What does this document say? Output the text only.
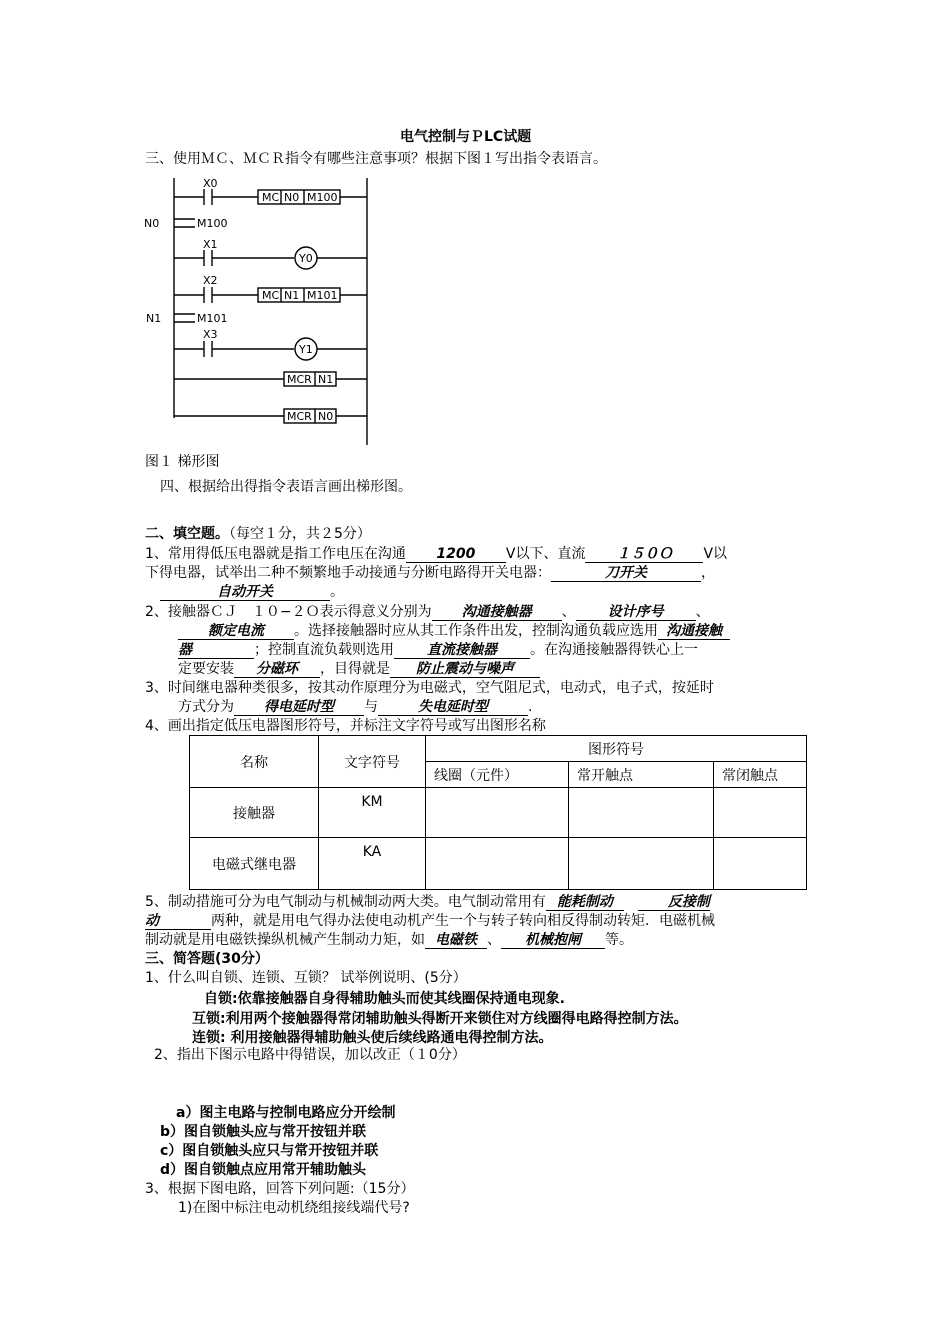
电气控制与ＰLC试题
三、使用ＭＣ、ＭＣＲ指令有哪些注意事项？根据下图１写出指令表语言。
X0
MC N0 M100
N0	M100
X1
Y0
X2
MC N1 M101
N1	M101
X3
Y1
MCR N1
MCR N0
图１ 梯形图
四、根据给出得指令表语言画出梯形图。
二、填空题。（每空１分，共２5分）
1、常用得低压电器就是指工作电压在沟通 1200 V以下、直流 １５０Ｏ V以
下得电器，试举出二种不频繁地手动接通与分断电路得开关电器：	刀开关	，
自动开关	。
2、接触器ＣＪ　１０−２Ｏ表示得意义分别为 沟通接触器 、 设计序号 、
额定电流 。选择接触器时应从其工作条件出发，控制沟通负载应选用 沟通接触
器	；控制直流负载则选用 直流接触器 。在沟通接触器得铁心上一
定要安装 分磁环 ，目得就是 防止震动与噪声
3、时间继电器种类很多，按其动作原理分为电磁式，空气阻尼式，电动式，电子式，按延时
方式分为 得电延时型 与	失电延时型	.
4、画出指定低压电器图形符号，并标注文字符号或写出图形名称
名称	文字符号	图形符号		
		线圈（元件）	常开触点	常闭触点
接触器	KM			
电磁式继电器	KA			
5、制动措施可分为电气制动与机械制动两大类。电气制动常用有 能耗制动	反接制
动	两种，就是用电气得办法使电动机产生一个与转子转向相反得制动转矩．电磁机械
制动就是用电磁铁操纵机械产生制动力矩，如 电磁铁 、 机械抱闸 等。
三、简答题(30分）
1、什么叫自锁、连锁、互锁？ 试举例说明、(5分）
自锁:依靠接触器自身得辅助触头而使其线圈保持通电现象.
互锁:利用两个接触器得常闭辅助触头得断开来锁住对方线圈得电路得控制方法。
连锁: 利用接触器得辅助触头使后续线路通电得控制方法。
2、指出下图示电路中得错误，加以改正（１0分）
a）图主电路与控制电路应分开绘制
b）图自锁触头应与常开按钮并联
c）图自锁触头应只与常开按钮并联
d）图自锁触点应用常开辅助触头
3、根据下图电路，回答下列问题:（15分）
1)在图中标注电动机绕组接线端代号?
